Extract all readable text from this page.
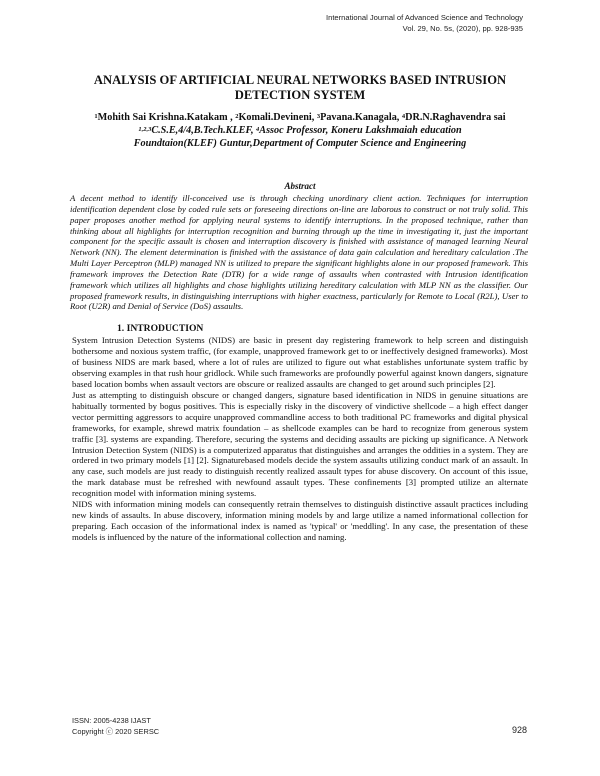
International Journal of Advanced Science and Technology
Vol. 29, No. 5s, (2020), pp. 928-935
ANALYSIS OF ARTIFICIAL NEURAL NETWORKS BASED INTRUSION
DETECTION SYSTEM
$^1$Mohith Sai Krishna.Katakam , $^2$Komali.Devineni, $^3$Pavana.Kanagala, $^4$DR.N.Raghavendra sai
$^{1,2,3}$C.S.E,4/4,B.Tech.KLEF, $^4$Assoc Professor, Koneru Lakshmaiah education
Foundtaion(KLEF) Guntur,Department of Computer Science and Engineering
Abstract
A decent method to identify ill-conceived use is through checking unordinary client action. Techniques for interruption identification dependent close by coded rule sets or foreseeing directions on-line are laborous to construct or not truly solid. This paper proposes another method for applying neural systems to identify interruptions. In the proposed technique, rather than thinking about all highlights for interruption recognition and burning through up the time in investigating it, just the important component for the specific assault is chosen and interruption discovery is finished with assistance of managed learning Neural Network (NN). The element determination is finished with the assistance of data gain calculation and hereditary calculation .The Multi Layer Perceptron (MLP) managed NN is utilized to prepare the significant highlights alone in our proposed framework. This framework improves the Detection Rate (DTR) for a wide range of assaults when contrasted with Intrusion identification framework which utilizes all highlights and chose highlights utilizing hereditary calculation with MLP NN as the classifier. Our proposed framework results, in distinguishing interruptions with higher exactness, particularly for Remote to Local (R2L), User to Root (U2R) and Denial of Service (DoS) assaults.
1. INTRODUCTION

System Intrusion Detection Systems (NIDS) are basic in present day registering framework to help screen and distinguish bothersome and noxious system traffic, (for example, unapproved framework get to or ineffectively designed frameworks). Most of business NIDS are mark based, where a lot of rules are utilized to figure out what establishes unfortunate system traffic by observing examples in that rush hour gridlock. While such frameworks are profoundly powerful against known dangers, signature based location bombs when assault vectors are obscure or realized assaults are changed to get around such principles [2].

Just as attempting to distinguish obscure or changed dangers, signature based identification in NIDS in genuine situations are habitually tormented by bogus positives. This is especially risky in the discovery of vindictive shellcode – a high effect danger vector permitting aggressors to acquire unapproved commandline access to both traditional PC frameworks and digital physical frameworks, for example, shrewd matrix foundation – as shellcode examples can be hard to recognize from generous system traffic [3]. systems are expanding. Therefore, securing the systems and deciding assaults are picking up significance. A Network Intrusion Detection System (NIDS) is a computerized apparatus that distinguishes and arranges the oddities in a system. They are ordered in two primary models [1] [2]. Signaturebased models decide the system assaults utilizing conduct mark of an assault. In any case, such models are just ready to distinguish recently realized assault types for abuse discovery. On account of this issue, the mark database must be refreshed with newfound assault types. These confinements [3] prompted utilize an alternate recognition model with information mining systems.

NIDS with information mining models can consequently retrain themselves to distinguish distinctive assault practices including new kinds of assaults. In abuse discovery, information mining models by and large utilize a named informational collection for preparing. Each occasion of the informational index is named as 'typical' or 'meddling'. In any case, the presentation of these models is influenced by the nature of the informational collection and naming.

ISSN: 2005-4238 IJAST
Copyright ⓒ 2020 SERSC	928
